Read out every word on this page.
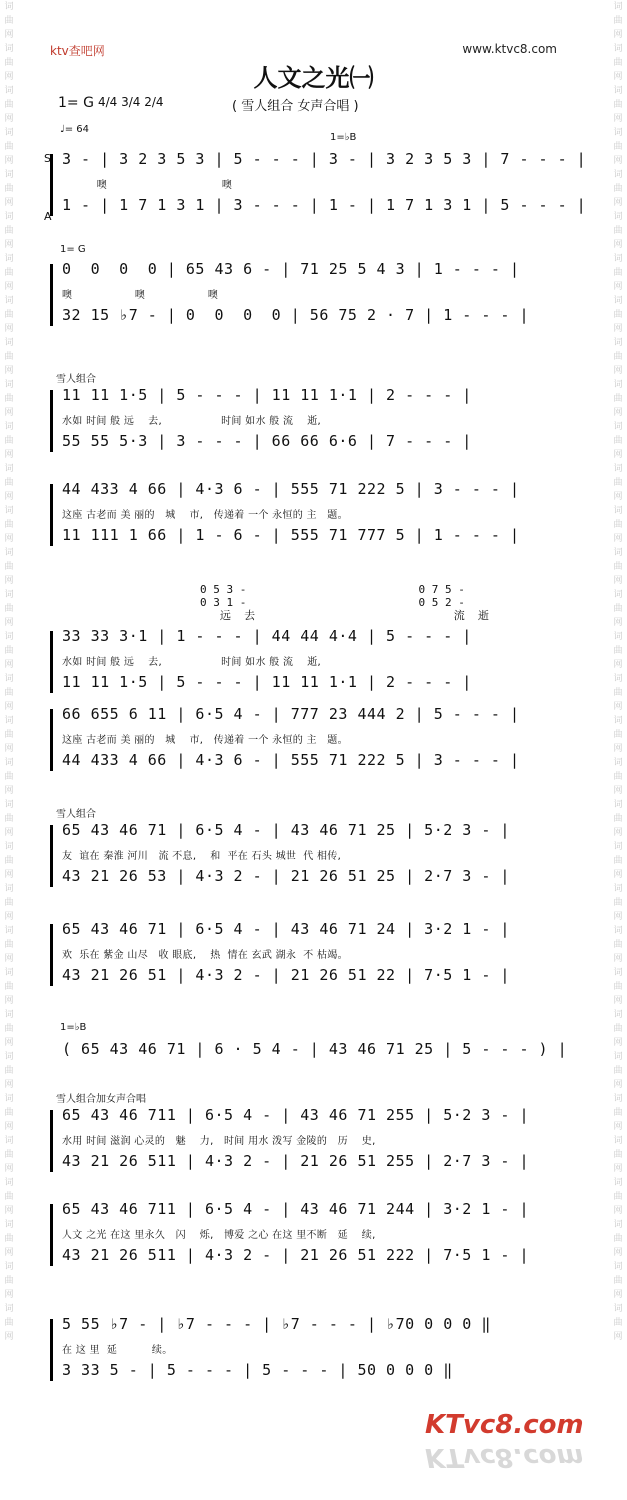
词曲网词曲网词曲网词曲网词曲网词曲网词曲网词曲网词曲网词曲网词曲网词曲网词曲网词曲网词曲网词曲网词曲网词曲网词曲网词曲网词曲网词曲网词曲网词曲网词曲网词曲网词曲网词曲网词曲网词曲网词曲网词曲网
词曲网词曲网词曲网词曲网词曲网词曲网词曲网词曲网词曲网词曲网词曲网词曲网词曲网词曲网词曲网词曲网词曲网词曲网词曲网词曲网词曲网词曲网词曲网词曲网词曲网词曲网词曲网词曲网词曲网词曲网词曲网词曲网
ktv查吧网	www.ktvc8.com
人文之光㈠
1= G 4/4 3/4 2/4	( 雪人组合 女声合唱 )
♩= 64
1=♭B
S
A
3 - | 3 2 3 5 3 | 5 - - - | 3 - | 3 2 3 5 3 | 7 - - - |
噢                                 噢
1 - | 1 7 1 3 1 | 3 - - - | 1 - | 1 7 1 3 1 | 5 - - - |
1= G
0  0  0  0 | 65 43 6 - | 71 25 5 4 3 | 1 - - - |
噢                  噢                  噢
32 15 ♭7 - | 0  0  0  0 | 56 75 2 · 7 | 1 - - - |
雪人组合
11 11 1·5 | 5 - - - | 11 11 1·1 | 2 - - - |
水如 时间 般 远    去,                 时间 如水 般 流    逝,
55 55 5·3 | 3 - - - | 66 66 6·6 | 7 - - - |
44 433 4 66 | 4·3 6 - | 555 71 222 5 | 3 - - - |
这座 古老而 美 丽的   城    市,   传递着 一个 永恒的 主   题。
11 111 1 66 | 1 - 6 - | 555 71 777 5 | 1 - - - |
0 5 3 -                          0 7 5 -
0 3 1 -                          0 5 2 -
远  去                              流  逝
33 33 3·1 | 1 - - - | 44 44 4·4 | 5 - - - |
水如 时间 般 远    去,                 时间 如水 般 流    逝,
11 11 1·5 | 5 - - - | 11 11 1·1 | 2 - - - |
66 655 6 11 | 6·5 4 - | 777 23 444 2 | 5 - - - |
这座 古老而 美 丽的   城    市,   传递着 一个 永恒的 主   题。
44 433 4 66 | 4·3 6 - | 555 71 222 5 | 3 - - - |
雪人组合
65 43 46 71 | 6·5 4 - | 43 46 71 25 | 5·2 3 - |
友  谊在 秦淮 河川   流 不息,    和  平在 石头 城世  代 相传,
43 21 26 53 | 4·3 2 - | 21 26 51 25 | 2·7 3 - |
65 43 46 71 | 6·5 4 - | 43 46 71 24 | 3·2 1 - |
欢  乐在 紫金 山尽   收 眼底,    热  情在 玄武 湖永  不 枯竭。
43 21 26 51 | 4·3 2 - | 21 26 51 22 | 7·5 1 - |
1=♭B
( 65 43 46 71 | 6 · 5 4 - | 43 46 71 25 | 5 - - - ) |
雪人组合加女声合唱
65 43 46 711 | 6·5 4 - | 43 46 71 255 | 5·2 3 - |
水用 时间 滋润 心灵的   魅    力,   时间 用水 泼写 金陵的   历    史,
43 21 26 511 | 4·3 2 - | 21 26 51 255 | 2·7 3 - |
65 43 46 711 | 6·5 4 - | 43 46 71 244 | 3·2 1 - |
人文 之光 在这 里永久   闪    烁,   博爱 之心 在这 里不断   延    续,
43 21 26 511 | 4·3 2 - | 21 26 51 222 | 7·5 1 - |
5 55 ♭7 - | ♭7 - - - | ♭7 - - - | ♭70 0 0 0 ‖
在 这 里  延          续。
3 33 5 - | 5 - - - | 5 - - - | 50 0 0 0 ‖
KTvc8.com
KTvc8.com
